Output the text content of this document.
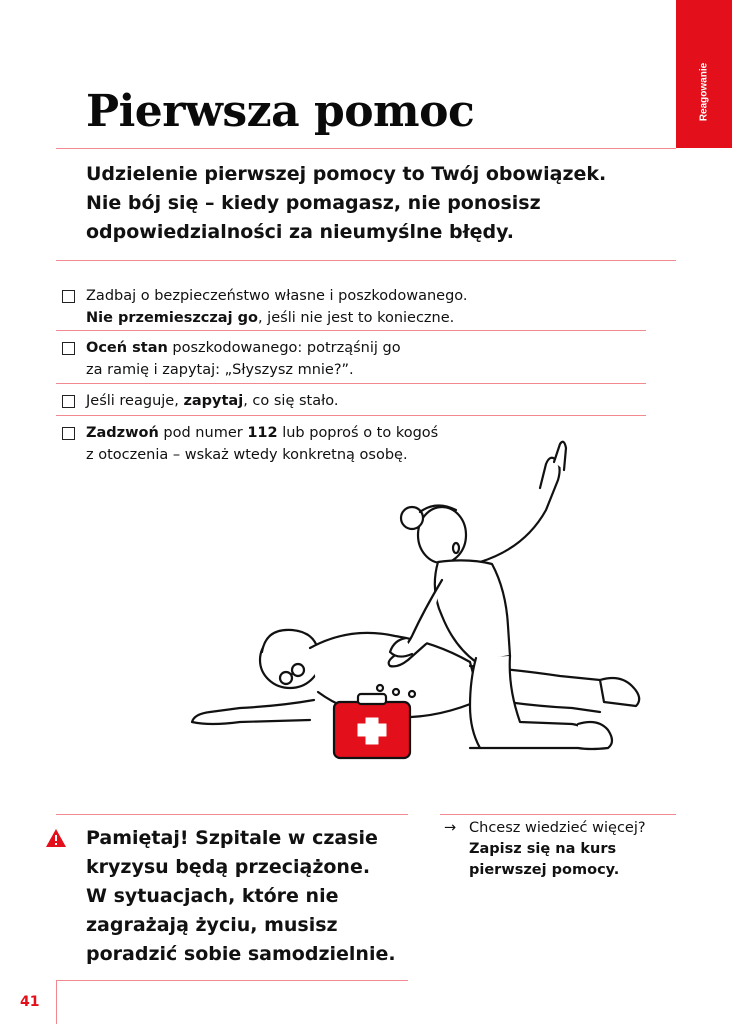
Reagowanie
Pierwsza pomoc
Udzielenie pierwszej pomocy to Twój obowiązek.
Nie bój się – kiedy pomagasz, nie ponosisz
odpowiedzialności za nieumyślne błędy.
Zadbaj o bezpieczeństwo własne i poszkodowanego.
Nie przemieszczaj go, jeśli nie jest to konieczne.
Oceń stan poszkodowanego: potrząśnij go
za ramię i zapytaj: „Słyszysz mnie?”.
Jeśli reaguje, zapytaj, co się stało.
Zadzwoń pod numer 112 lub poproś o to kogoś
z otoczenia – wskaż wtedy konkretną osobę.
Pamiętaj! Szpitale w czasie
kryzysu będą przeciążone.
W sytuacjach, które nie
zagrażają życiu, musisz
poradzić sobie samodzielnie.
→ Chcesz wiedzieć więcej?
Zapisz się na kurs
pierwszej pomocy.
41
